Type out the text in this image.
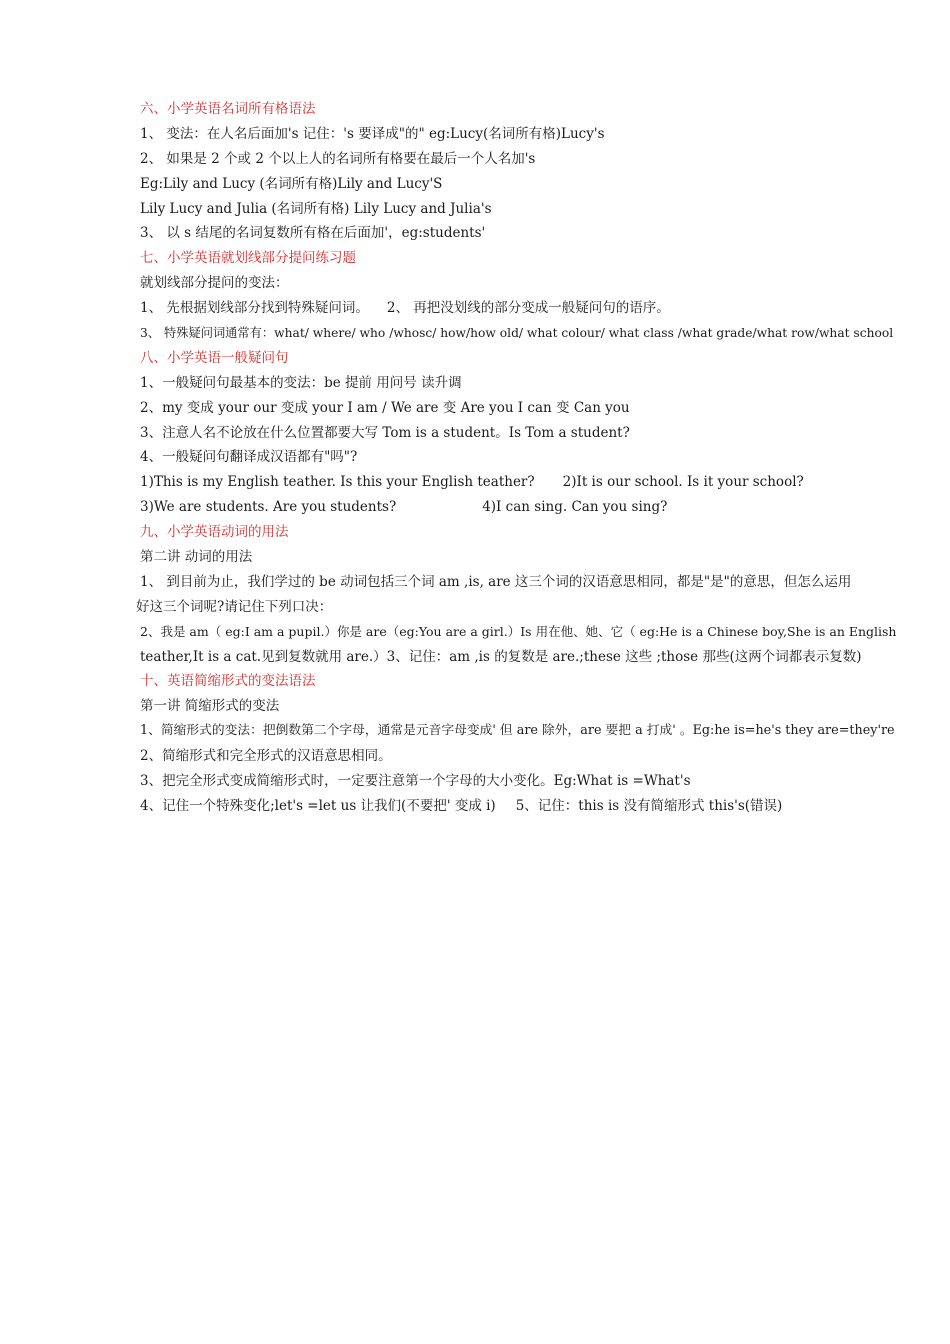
六、小学英语名词所有格语法
1、 变法：在人名后面加's 记住：'s 要译成"的" eg:Lucy(名词所有格)Lucy's
2、 如果是 2 个或 2 个以上人的名词所有格要在最后一个人名加's
Eg:Lily and Lucy (名词所有格)Lily and Lucy'S
Lily Lucy and Julia (名词所有格) Lily Lucy and Julia's
3、 以 s 结尾的名词复数所有格在后面加'，eg:students'
七、小学英语就划线部分提问练习题
就划线部分提问的变法：
1、 先根据划线部分找到特殊疑问词。 2、 再把没划线的部分变成一般疑问句的语序。
3、 特殊疑问词通常有：what/ where/ who /whosc/ how/how old/ what colour/ what class /what grade/what row/what school
八、小学英语一般疑问句
1、一般疑问句最基本的变法：be 提前 用问号 读升调
2、my 变成 your our 变成 your I am / We are 变 Are you I can 变 Can you
3、注意人名不论放在什么位置都要大写 Tom is a student。Is Tom a student?
4、一般疑问句翻译成汉语都有"吗"?
1)This is my English teather. Is this your English teather? 2)It is our school. Is it your school?
3)We are students. Are you students?	4)I can sing. Can you sing?
九、小学英语动词的用法
第二讲 动词的用法
1、 到目前为止，我们学过的 be 动词包括三个词 am ,is, are 这三个词的汉语意思相同，都是"是"的意思，但怎么运用
好这三个词呢?请记住下列口决：
2、我是 am（ eg:I am a pupil.）你是 are（eg:You are a girl.）Is 用在他、她、它（ eg:He is a Chinese boy,She is an English
teather,It is a cat.见到复数就用 are.）3、记住：am ,is 的复数是 are.;these 这些 ;those 那些(这两个词都表示复数)
十、英语简缩形式的变法语法
第一讲 简缩形式的变法
1、简缩形式的变法：把倒数第二个字母，通常是元音字母变成' 但 are 除外，are 要把 a 打成' 。Eg:he is=he's they are=they're
2、简缩形式和完全形式的汉语意思相同。
3、把完全形式变成简缩形式时，一定要注意第一个字母的大小变化。Eg:What is =What's
4、记住一个特殊变化;let's =let us 让我们(不要把' 变成 i) 5、记住：this is 没有简缩形式 this's(错误)
